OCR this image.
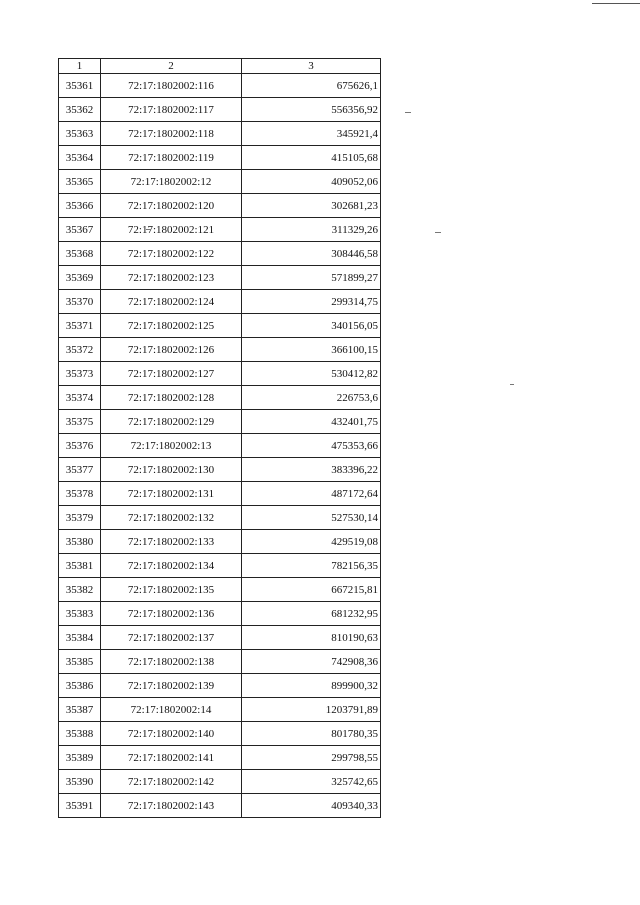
1	2	3
35361	72:17:1802002:116	675626,1
35362	72:17:1802002:117	556356,92
35363	72:17:1802002:118	345921,4
35364	72:17:1802002:119	415105,68
35365	72:17:1802002:12	409052,06
35366	72:17:1802002:120	302681,23
35367	72:17:1802002:121	311329,26
35368	72:17:1802002:122	308446,58
35369	72:17:1802002:123	571899,27
35370	72:17:1802002:124	299314,75
35371	72:17:1802002:125	340156,05
35372	72:17:1802002:126	366100,15
35373	72:17:1802002:127	530412,82
35374	72:17:1802002:128	226753,6
35375	72:17:1802002:129	432401,75
35376	72:17:1802002:13	475353,66
35377	72:17:1802002:130	383396,22
35378	72:17:1802002:131	487172,64
35379	72:17:1802002:132	527530,14
35380	72:17:1802002:133	429519,08
35381	72:17:1802002:134	782156,35
35382	72:17:1802002:135	667215,81
35383	72:17:1802002:136	681232,95
35384	72:17:1802002:137	810190,63
35385	72:17:1802002:138	742908,36
35386	72:17:1802002:139	899900,32
35387	72:17:1802002:14	1203791,89
35388	72:17:1802002:140	801780,35
35389	72:17:1802002:141	299798,55
35390	72:17:1802002:142	325742,65
35391	72:17:1802002:143	409340,33
